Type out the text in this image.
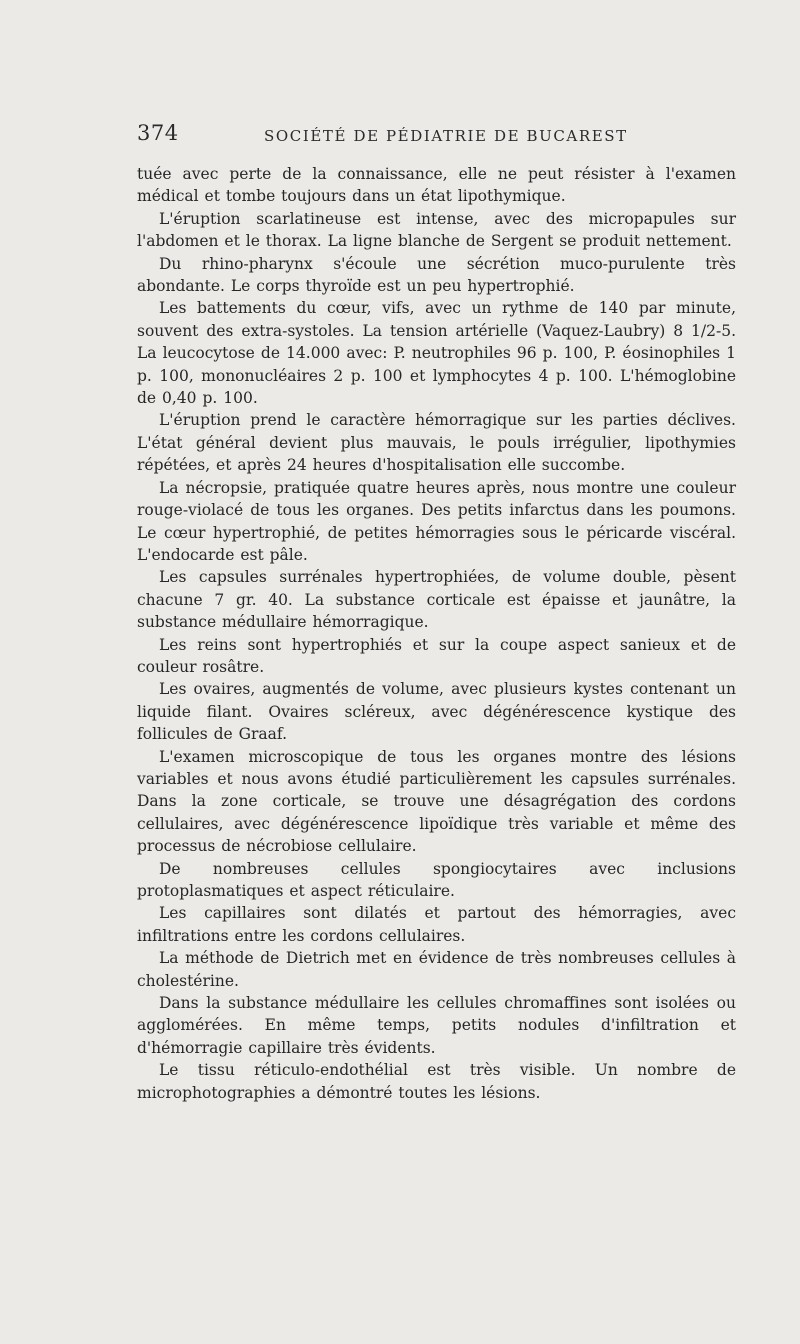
374	SOCIÉTÉ DE PÉDIATRIE DE BUCAREST

tuée avec perte de la connaissance, elle ne peut résister à l'examen médical et tombe toujours dans un état lipothymique.

L'éruption scarlatineuse est intense, avec des micropapules sur l'abdomen et le thorax. La ligne blanche de Sergent se produit nettement.

Du rhino-pharynx s'écoule une sécrétion muco-purulente très abondante. Le corps thyroïde est un peu hypertrophié.

Les battements du cœur, vifs, avec un rythme de 140 par minute, souvent des extra-systoles. La tension artérielle (Vaquez-Laubry) 8 1/2-5. La leucocytose de 14.000 avec: P. neutrophiles 96 p. 100, P. éosinophiles 1 p. 100, mononucléaires 2 p. 100 et lymphocytes 4 p. 100. L'hémoglobine de 0,40 p. 100.

L'éruption prend le caractère hémorragique sur les parties déclives. L'état général devient plus mauvais, le pouls irrégulier, lipothymies répétées, et après 24 heures d'hospitalisation elle succombe.

La nécropsie, pratiquée quatre heures après, nous montre une couleur rouge-violacé de tous les organes. Des petits infarctus dans les poumons. Le cœur hypertrophié, de petites hémorragies sous le péricarde viscéral. L'endocarde est pâle.

Les capsules surrénales hypertrophiées, de volume double, pèsent chacune 7 gr. 40. La substance corticale est épaisse et jaunâtre, la substance médullaire hémorragique.

Les reins sont hypertrophiés et sur la coupe aspect sanieux et de couleur rosâtre.

Les ovaires, augmentés de volume, avec plusieurs kystes contenant un liquide filant. Ovaires scléreux, avec dégénérescence kystique des follicules de Graaf.

L'examen microscopique de tous les organes montre des lésions variables et nous avons étudié particulièrement les capsules surrénales. Dans la zone corticale, se trouve une désagrégation des cordons cellulaires, avec dégénérescence lipoïdique très variable et même des processus de nécrobiose cellulaire.

De nombreuses cellules spongiocytaires avec inclusions protoplasmatiques et aspect réticulaire.

Les capillaires sont dilatés et partout des hémorragies, avec infiltrations entre les cordons cellulaires.

La méthode de Dietrich met en évidence de très nombreuses cellules à cholestérine.

Dans la substance médullaire les cellules chromaffines sont isolées ou agglomérées. En même temps, petits nodules d'infiltration et d'hémorragie capillaire très évidents.

Le tissu réticulo-endothélial est très visible. Un nombre de microphotographies a démontré toutes les lésions.
